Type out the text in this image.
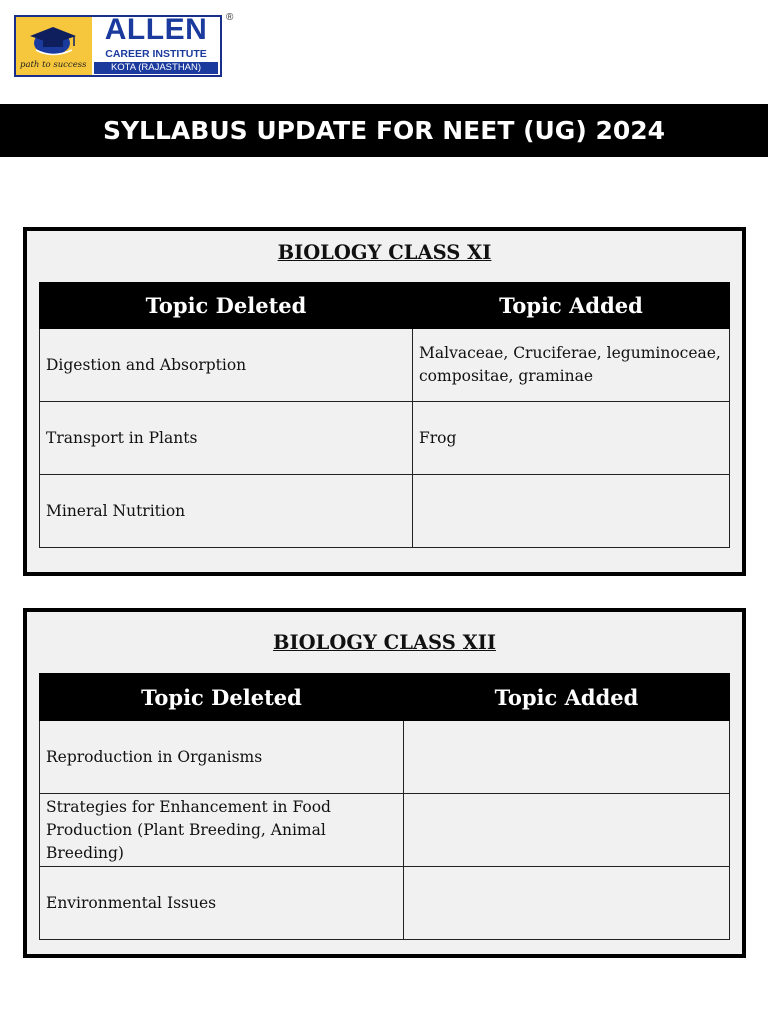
path to success
ALLEN
CAREER INSTITUTE
KOTA (RAJASTHAN)
®
SYLLABUS UPDATE FOR NEET (UG) 2024
BIOLOGY CLASS XI
Topic Deleted	Topic Added
Digestion and Absorption	Malvaceae, Cruciferae, leguminoceae, compositae, graminae
Transport in Plants	Frog
Mineral Nutrition	
BIOLOGY CLASS XII
Topic Deleted	Topic Added
Reproduction in Organisms	
Strategies for Enhancement in Food Production (Plant Breeding, Animal Breeding)	
Environmental Issues	
